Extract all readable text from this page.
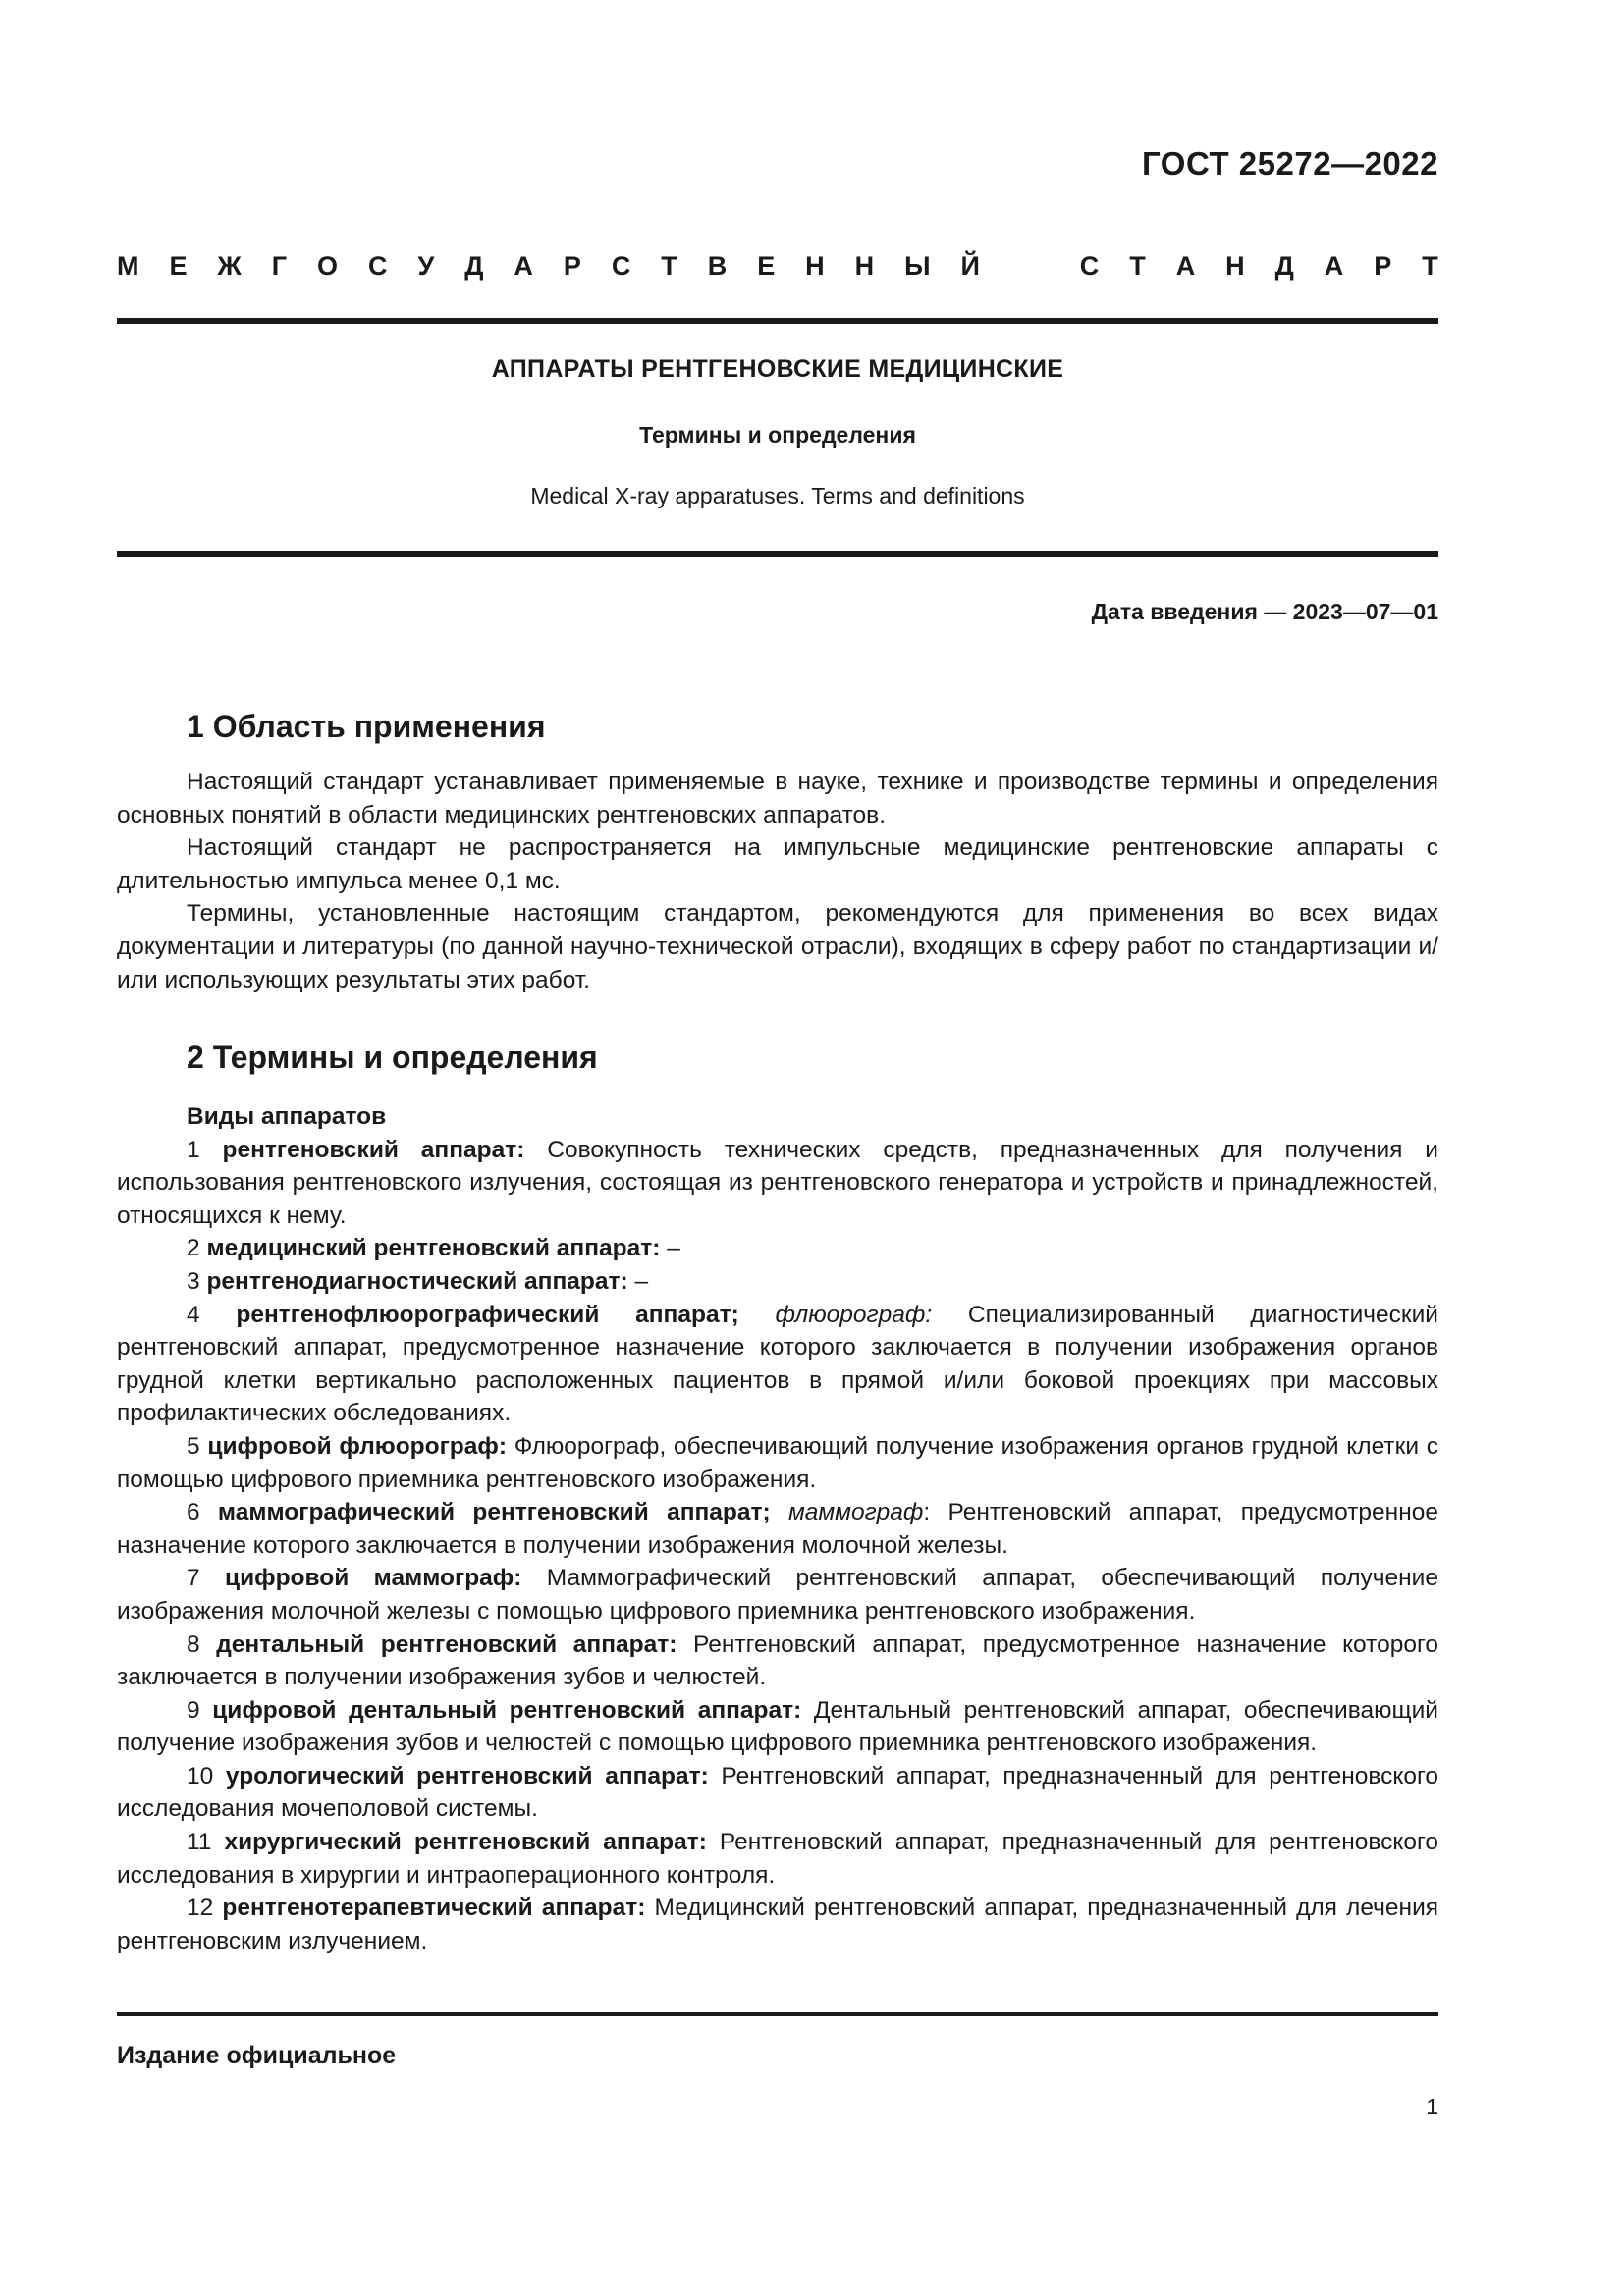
ГОСТ 25272—2022
М Е Ж Г О С У Д А Р С Т В Е Н Н Ы Й	С Т А Н Д А Р Т
АППАРАТЫ РЕНТГЕНОВСКИЕ МЕДИЦИНСКИЕ
Термины и определения
Medical X-ray apparatuses. Terms and definitions
Дата введения — 2023—07—01
1 Область применения

Настоящий стандарт устанавливает применяемые в науке, технике и производстве термины и определения основных понятий в области медицинских рентгеновских аппаратов.

Настоящий стандарт не распространяется на импульсные медицинские рентгеновские аппараты с длительностью импульса менее 0,1 мс.

Термины, установленные настоящим стандартом, рекомендуются для применения во всех видах документации и литературы (по данной научно-технической отрасли), входящих в сферу работ по стандартизации и/или использующих результаты этих работ.

2 Термины и определения

Виды аппаратов

1 рентгеновский аппарат: Совокупность технических средств, предназначенных для получения и использования рентгеновского излучения, состоящая из рентгеновского генератора и устройств и принадлежностей, относящихся к нему.

2 медицинский рентгеновский аппарат: –

3 рентгенодиагностический аппарат: –

4 рентгенофлюорографический аппарат; флюорограф: Специализированный диагностический рентгеновский аппарат, предусмотренное назначение которого заключается в получении изображения органов грудной клетки вертикально расположенных пациентов в прямой и/или боковой проекциях при массовых профилактических обследованиях.

5 цифровой флюорограф: Флюорограф, обеспечивающий получение изображения органов грудной клетки с помощью цифрового приемника рентгеновского изображения.

6 маммографический рентгеновский аппарат; маммограф: Рентгеновский аппарат, предусмотренное назначение которого заключается в получении изображения молочной железы.

7 цифровой маммограф: Маммографический рентгеновский аппарат, обеспечивающий получение изображения молочной железы с помощью цифрового приемника рентгеновского изображения.

8 дентальный рентгеновский аппарат: Рентгеновский аппарат, предусмотренное назначение которого заключается в получении изображения зубов и челюстей.

9 цифровой дентальный рентгеновский аппарат: Дентальный рентгеновский аппарат, обеспечивающий получение изображения зубов и челюстей с помощью цифрового приемника рентгеновского изображения.

10 урологический рентгеновский аппарат: Рентгеновский аппарат, предназначенный для рентгеновского исследования мочеполовой системы.

11 хирургический рентгеновский аппарат: Рентгеновский аппарат, предназначенный для рентгеновского исследования в хирургии и интраоперационного контроля.

12 рентгенотерапевтический аппарат: Медицинский рентгеновский аппарат, предназначенный для лечения рентгеновским излучением.

Издание официальное
1
